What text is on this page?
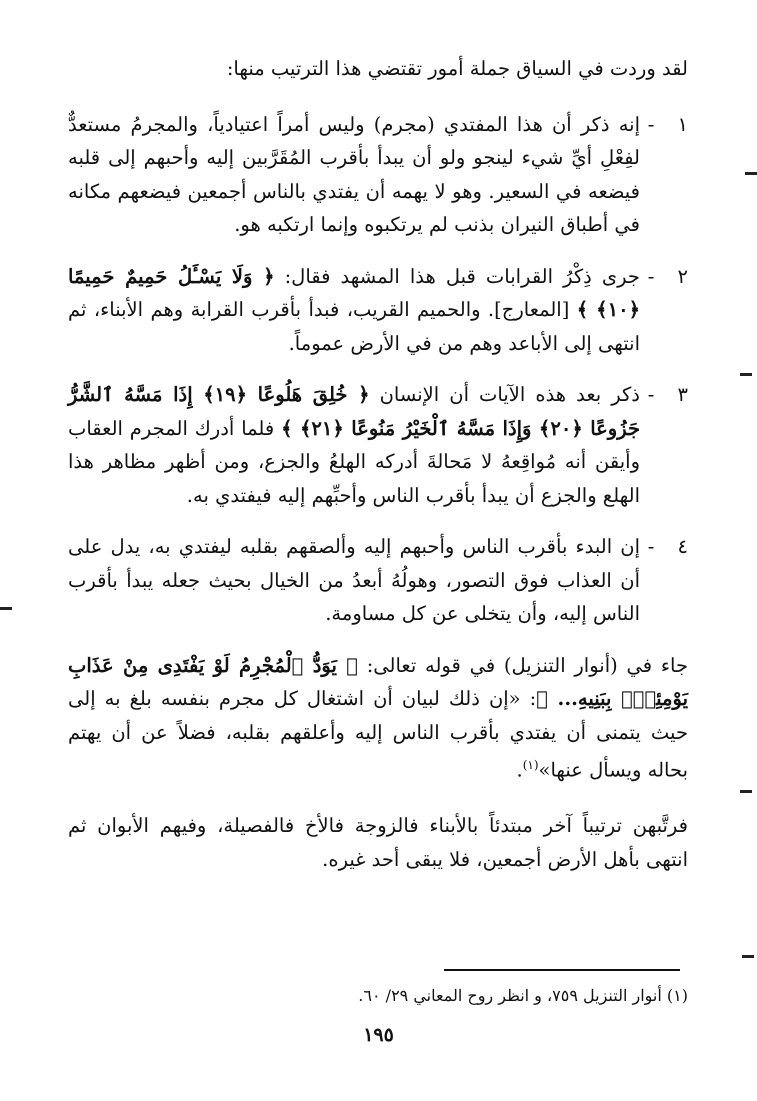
لقد وردت في السياق جملة أمور تقتضي هذا الترتيب منها:

١
-
إنه ذكر أن هذا المفتدي (مجرم) وليس أمراً اعتيادياً، والمجرمُ مستعدٌّ لفِعْلِ أيِّ شيء لينجو ولو أن يبدأ بأقرب المُقَرَّبين إليه وأحبهم إلى قلبه فيضعه في السعير. وهو لا يهمه أن يفتدي بالناس أجمعين فيضعهم مكانه في أطباق النيران بذنب لم يرتكبوه وإنما ارتكبه هو.
٢
-
جرى ذِكْرُ القرابات قبل هذا المشهد فقال: ﴿ وَلَا يَسْـَٔلُ حَمِيمٌ حَمِيمًا ﴿١٠﴾ ﴾ [المعارج]. والحميم القريب، فبدأ بأقرب القرابة وهم الأبناء، ثم انتهى إلى الأباعد وهم من في الأرض عموماً.
٣
-
ذكر بعد هذه الآيات أن الإنسان ﴿ خُلِقَ هَلُوعًا ﴿١٩﴾ إِذَا مَسَّهُ ٱلشَّرُّ جَزُوعًا ﴿٢٠﴾ وَإِذَا مَسَّهُ ٱلْخَيْرُ مَنُوعًا ﴿٢١﴾ ﴾ فلما أدرك المجرم العقاب وأيقن أنه مُواقِعهُ لا مَحالةَ أدركه الهلعُ والجزع، ومن أظهر مظاهر هذا الهلع والجزع أن يبدأ بأقرب الناس وأحبِّهم إليه فيفتدي به.
٤
-
إن البدء بأقرب الناس وأحبهم إليه وألصقهم بقلبه ليفتدي به، يدل على أن العذاب فوق التصور، وهولُهُ أبعدُ من الخيال بحيث جعله يبدأ بأقرب الناس إليه، وأن يتخلى عن كل مساومة.

جاء في (أنوار التنزيل) في قوله تعالى: ﴿ يَوَدُّ ٱلْمُجْرِمُ لَوْ يَفْتَدِى مِنْ عَذَابِ يَوْمِئِذٍۭ بِبَنِيهِ... ﴾: «إن ذلك لبيان أن اشتغال كل مجرم بنفسه بلغ به إلى حيث يتمنى أن يفتدي بأقرب الناس إليه وأعلقهم بقلبه، فضلاً عن أن يهتم بحاله ويسأل عنها»$^{(١)}$.

فرتَّبهن ترتيباً آخر مبتدئاً بالأبناء فالزوجة فالأخ فالفصيلة، وفيهم الأبوان ثم انتهى بأهل الأرض أجمعين، فلا يبقى أحد غيره.

(١) أنوار التنزيل ٧٥٩، و انظر روح المعاني ٢٩/ ٦٠.
١٩٥
